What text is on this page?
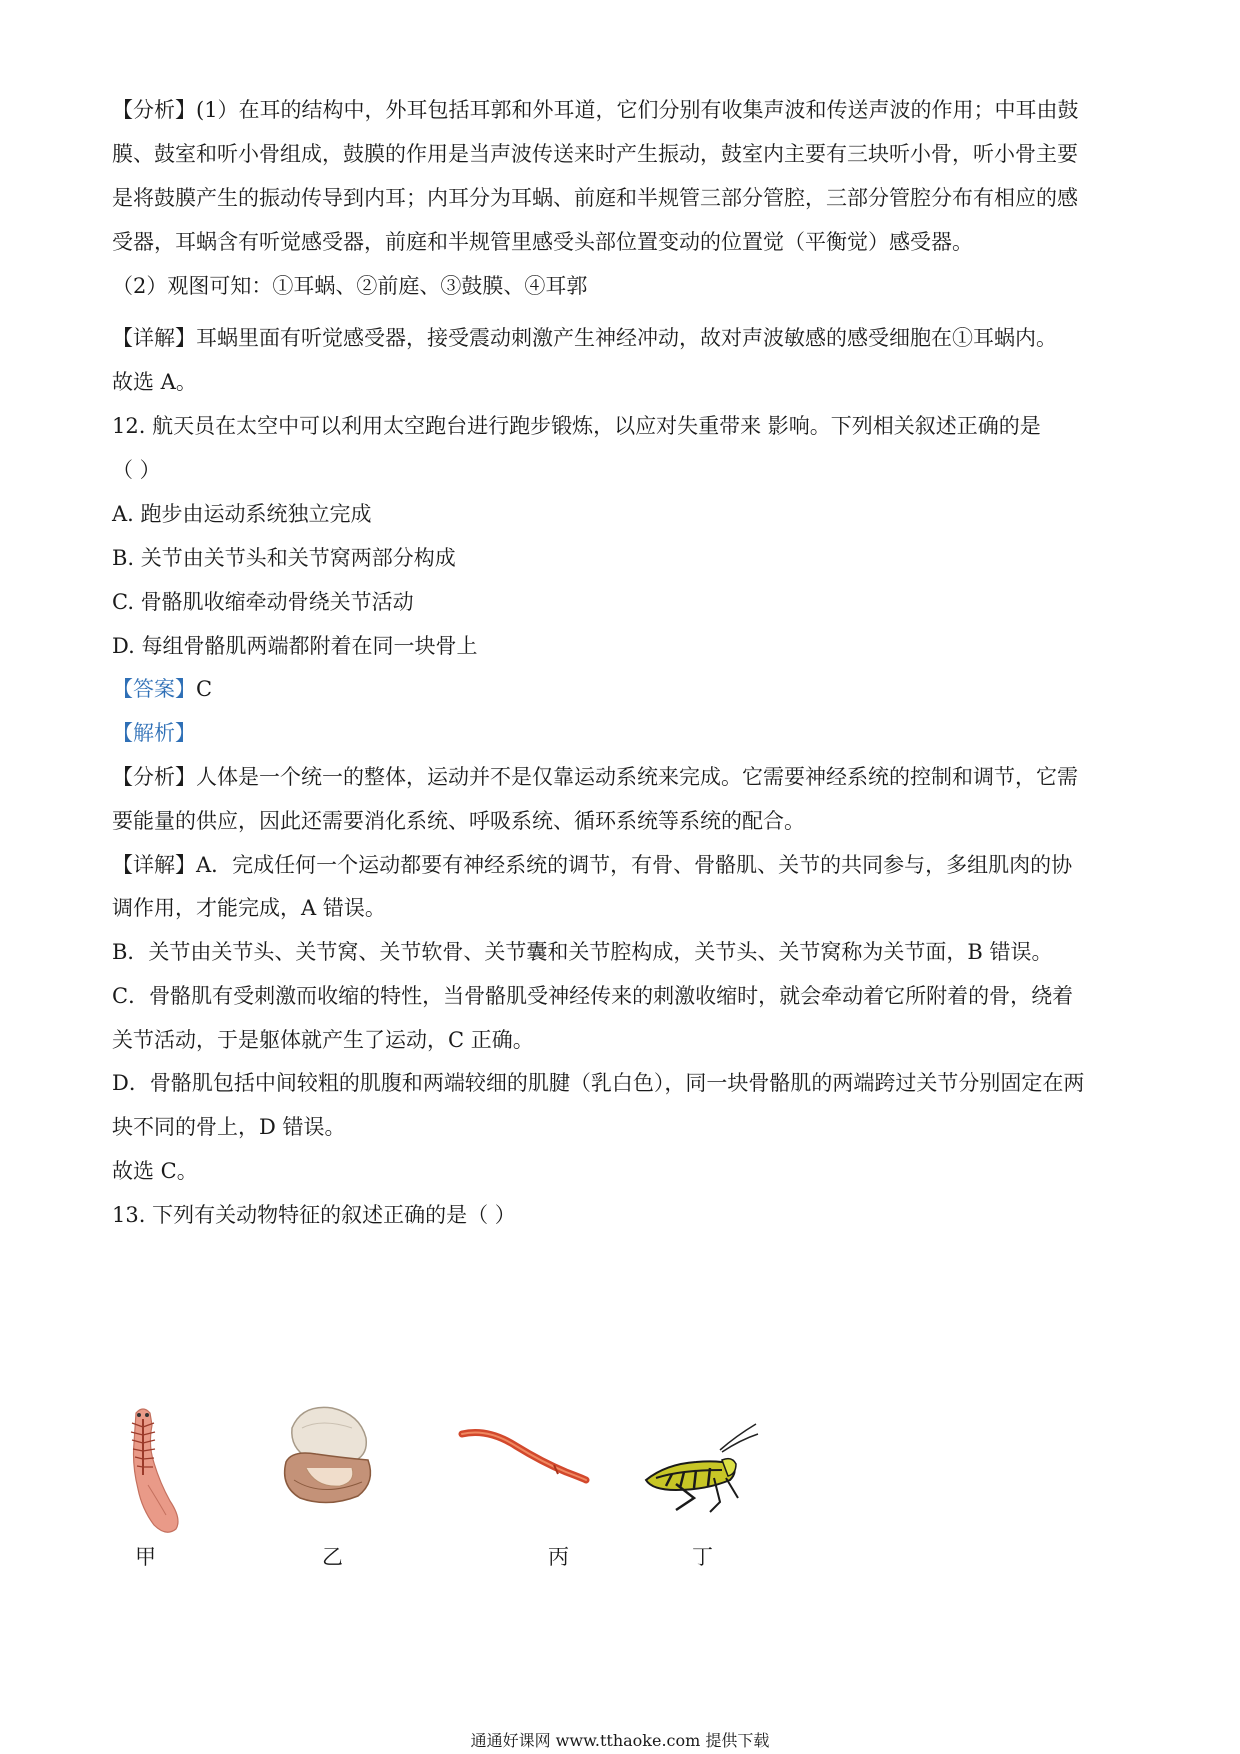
【分析】(1）在耳的结构中，外耳包括耳郭和外耳道，它们分别有收集声波和传送声波的作用；中耳由鼓
膜、鼓室和听小骨组成，鼓膜的作用是当声波传送来时产生振动，鼓室内主要有三块听小骨，听小骨主要
是将鼓膜产生的振动传导到内耳；内耳分为耳蜗、前庭和半规管三部分管腔，三部分管腔分布有相应的感
受器，耳蜗含有听觉感受器，前庭和半规管里感受头部位置变动的位置觉（平衡觉）感受器。
（2）观图可知：①耳蜗、②前庭、③鼓膜、④耳郭
【详解】耳蜗里面有听觉感受器，接受震动刺激产生神经冲动，故对声波敏感的感受细胞在①耳蜗内。
故选 A。
12. 航天员在太空中可以利用太空跑台进行跑步锻炼，以应对失重带来 影响。下列相关叙述正确的是
（ ）
A. 跑步由运动系统独立完成
B. 关节由关节头和关节窝两部分构成
C. 骨骼肌收缩牵动骨绕关节活动
D. 每组骨骼肌两端都附着在同一块骨上
【答案】C
【解析】
【分析】人体是一个统一的整体，运动并不是仅靠运动系统来完成。它需要神经系统的控制和调节，它需
要能量的供应，因此还需要消化系统、呼吸系统、循环系统等系统的配合。
【详解】A．完成任何一个运动都要有神经系统的调节，有骨、骨骼肌、关节的共同参与，多组肌肉的协
调作用，才能完成，A 错误。
B．关节由关节头、关节窝、关节软骨、关节囊和关节腔构成，关节头、关节窝称为关节面，B 错误。
C．骨骼肌有受刺激而收缩的特性，当骨骼肌受神经传来的刺激收缩时，就会牵动着它所附着的骨，绕着
关节活动，于是躯体就产生了运动，C 正确。
D．骨骼肌包括中间较粗的肌腹和两端较细的肌腱（乳白色），同一块骨骼肌的两端跨过关节分别固定在两
块不同的骨上，D 错误。
故选 C。
13. 下列有关动物特征的叙述正确的是（ ）
甲	乙	丙	丁
通通好课网 www.tthaoke.com 提供下载
